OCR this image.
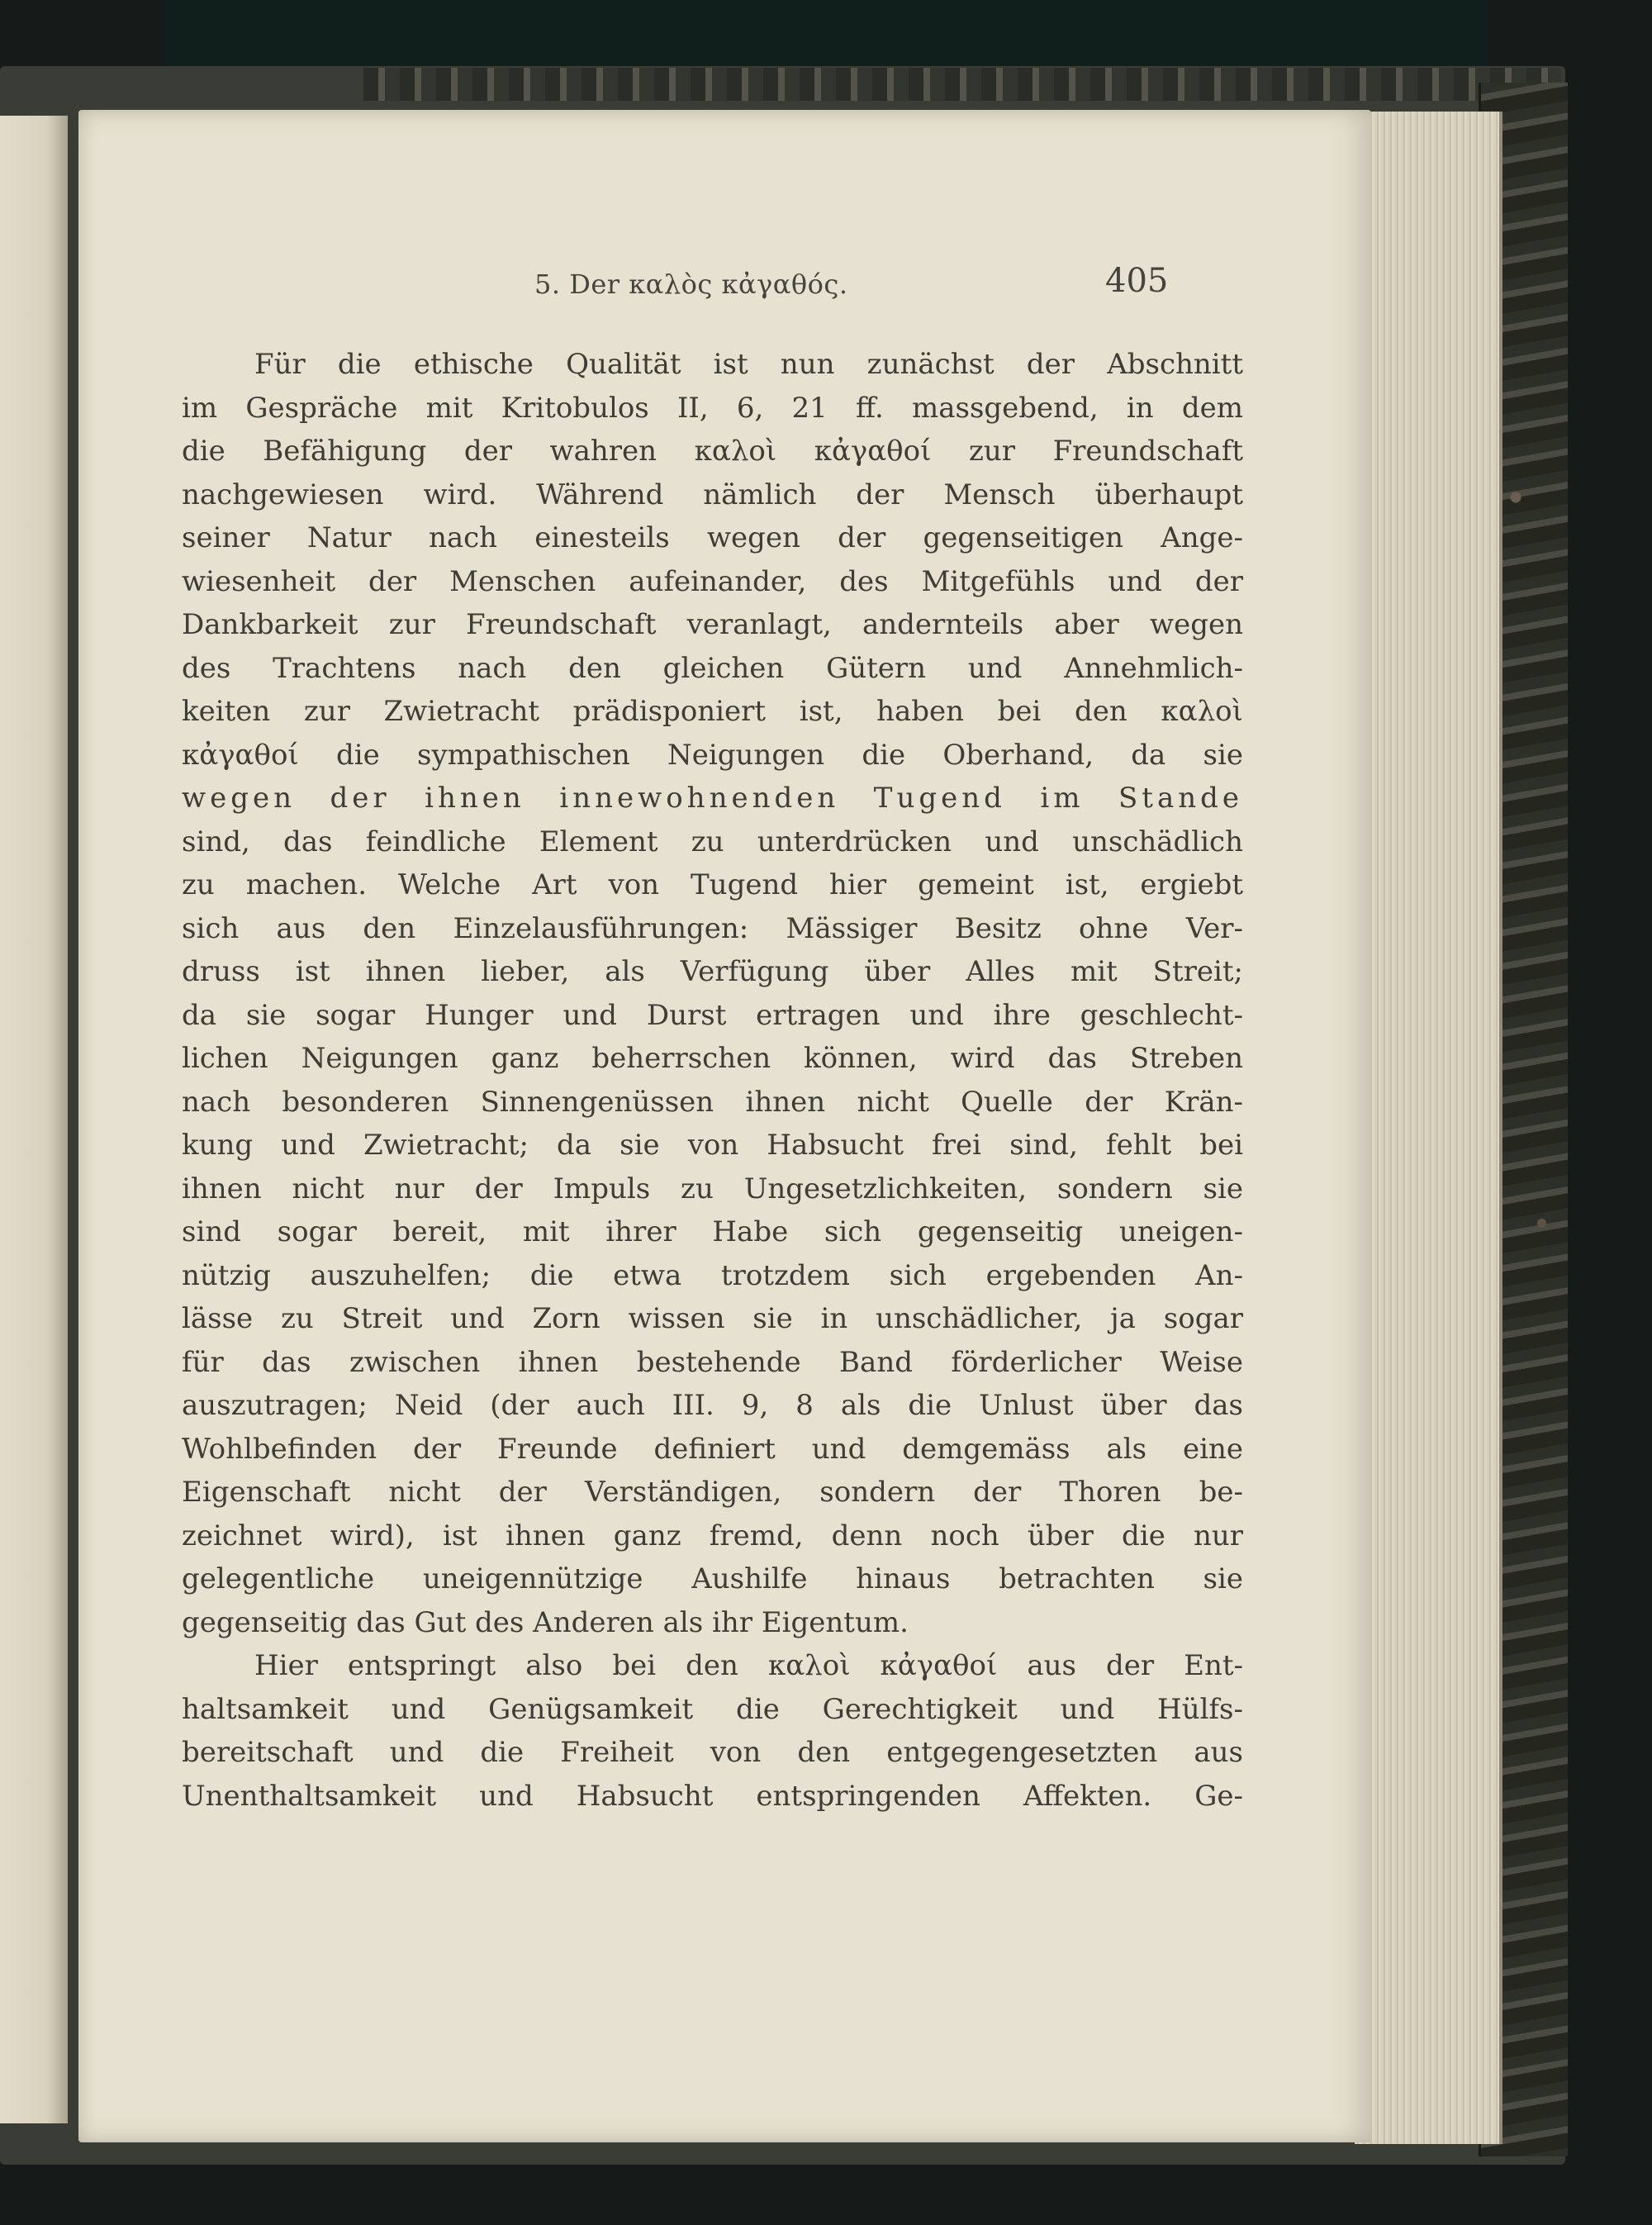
5. Der καλὸς κἀγαθός.	405
Für die ethische Qualität ist nun zunächst der Abschnitt
im Gespräche mit Kritobulos II, 6, 21 ff. massgebend, in dem
die Befähigung der wahren καλοὶ κἀγαθοί zur Freundschaft
nachgewiesen wird. Während nämlich der Mensch überhaupt
seiner Natur nach einesteils wegen der gegenseitigen Ange-
wiesenheit der Menschen aufeinander, des Mitgefühls und der
Dankbarkeit zur Freundschaft veranlagt, andernteils aber wegen
des Trachtens nach den gleichen Gütern und Annehmlich-
keiten zur Zwietracht prädisponiert ist, haben bei den καλοὶ
κἀγαθοί die sympathischen Neigungen die Oberhand, da sie
wegen der ihnen innewohnenden Tugend im Stande
sind, das feindliche Element zu unterdrücken und unschädlich
zu machen. Welche Art von Tugend hier gemeint ist, ergiebt
sich aus den Einzelausführungen: Mässiger Besitz ohne Ver-
druss ist ihnen lieber, als Verfügung über Alles mit Streit;
da sie sogar Hunger und Durst ertragen und ihre geschlecht-
lichen Neigungen ganz beherrschen können, wird das Streben
nach besonderen Sinnengenüssen ihnen nicht Quelle der Krän-
kung und Zwietracht; da sie von Habsucht frei sind, fehlt bei
ihnen nicht nur der Impuls zu Ungesetzlichkeiten, sondern sie
sind sogar bereit, mit ihrer Habe sich gegenseitig uneigen-
nützig auszuhelfen; die etwa trotzdem sich ergebenden An-
lässe zu Streit und Zorn wissen sie in unschädlicher, ja sogar
für das zwischen ihnen bestehende Band förderlicher Weise
auszutragen; Neid (der auch III. 9, 8 als die Unlust über das
Wohlbefinden der Freunde definiert und demgemäss als eine
Eigenschaft nicht der Verständigen, sondern der Thoren be-
zeichnet wird), ist ihnen ganz fremd, denn noch über die nur
gelegentliche uneigennützige Aushilfe hinaus betrachten sie
gegenseitig das Gut des Anderen als ihr Eigentum.
Hier entspringt also bei den καλοὶ κἀγαθοί aus der Ent-
haltsamkeit und Genügsamkeit die Gerechtigkeit und Hülfs-
bereitschaft und die Freiheit von den entgegengesetzten aus
Unenthaltsamkeit und Habsucht entspringenden Affekten. Ge-
